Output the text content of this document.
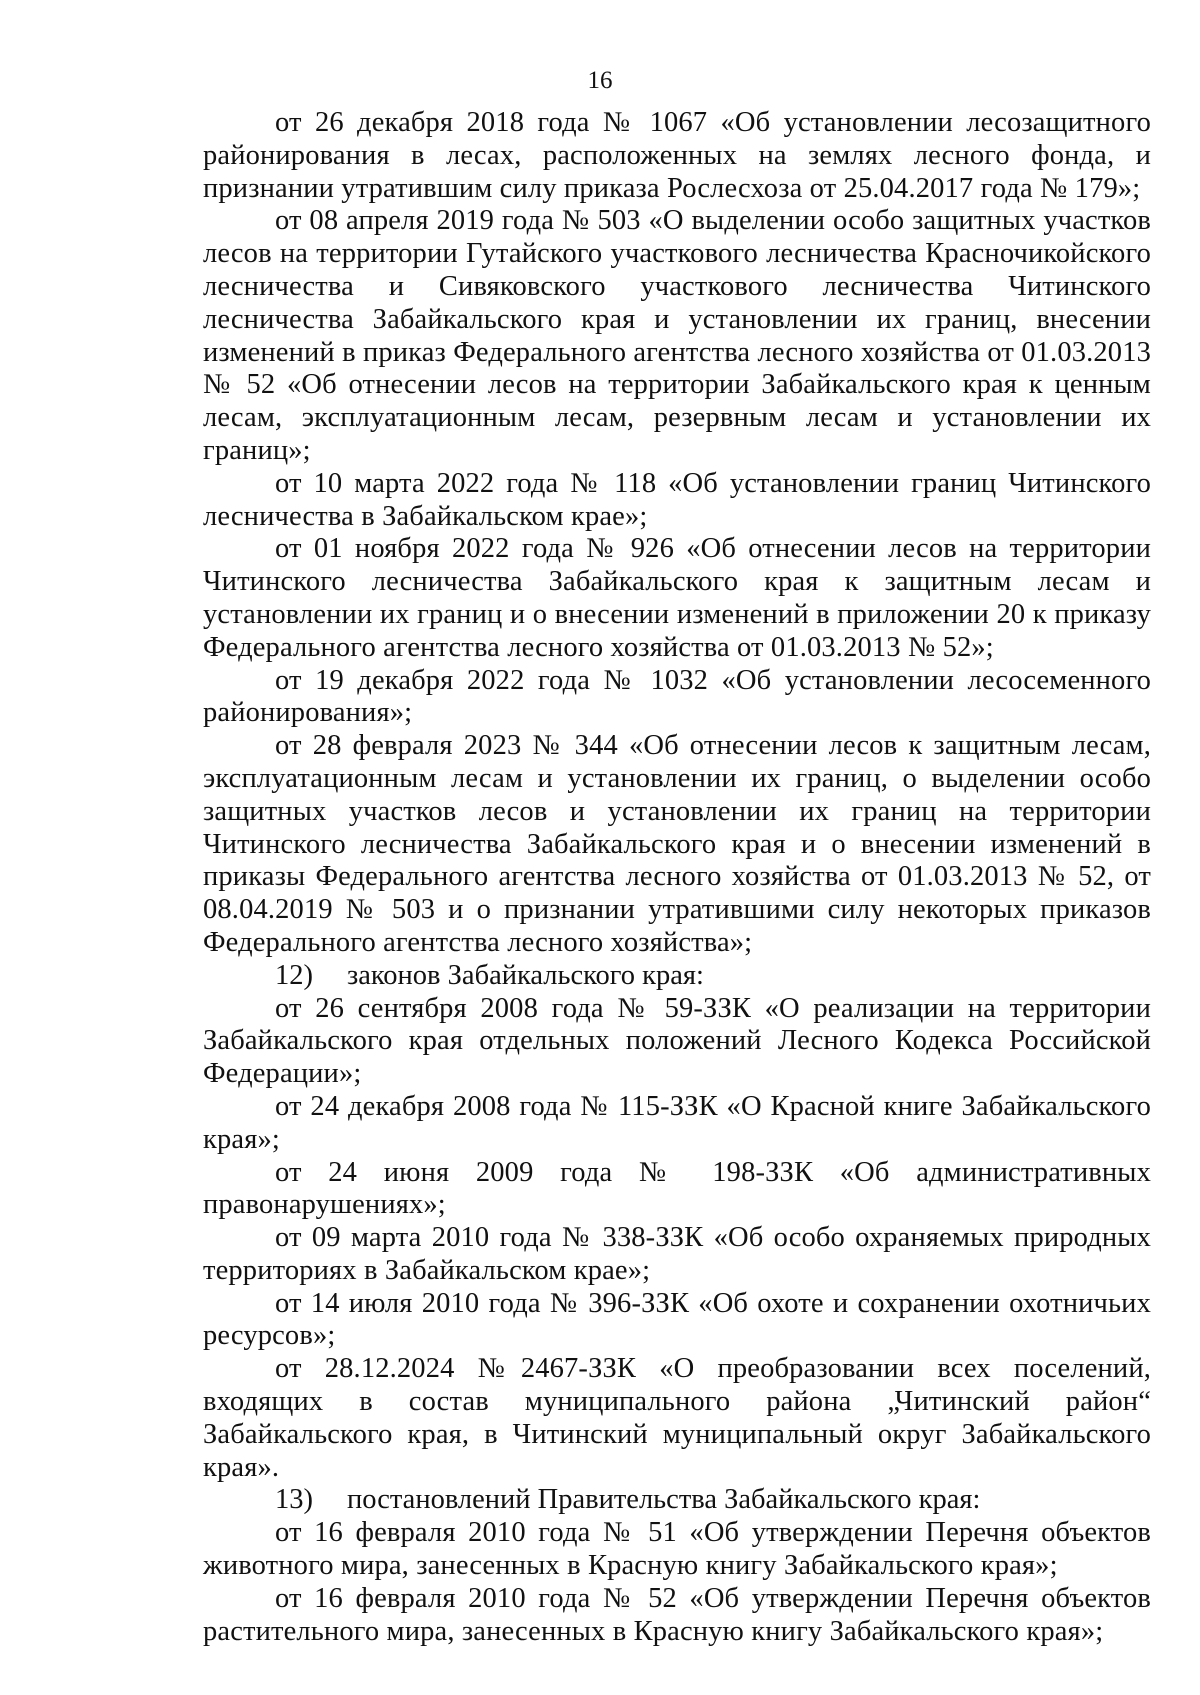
16

от 26 декабря 2018 года № 1067 «Об установлении лесозащитного районирования в лесах, расположенных на землях лесного фонда, и признании утратившим силу приказа Рослесхоза от 25.04.2017 года № 179»;

от 08 апреля 2019 года № 503 «О выделении особо защитных участков лесов на территории Гутайского участкового лесничества Красночикойского лесничества и Сивяковского участкового лесничества Читинского лесничества Забайкальского края и установлении их границ, внесении изменений в приказ Федерального агентства лесного хозяйства от 01.03.2013 № 52 «Об отнесении лесов на территории Забайкальского края к ценным лесам, эксплуатационным лесам, резервным лесам и установлении их границ»;

от 10 марта 2022 года № 118 «Об установлении границ Читинского лесничества в Забайкальском крае»;

от 01 ноября 2022 года № 926 «Об отнесении лесов на территории Читинского лесничества Забайкальского края к защитным лесам и установлении их границ и о внесении изменений в приложении 20 к приказу Федерального агентства лесного хозяйства от 01.03.2013 № 52»;

от 19 декабря 2022 года № 1032 «Об установлении лесосеменного районирования»;

от 28 февраля 2023 № 344 «Об отнесении лесов к защитным лесам, эксплуатационным лесам и установлении их границ, о выделении особо защитных участков лесов и установлении их границ на территории Читинского лесничества Забайкальского края и о внесении изменений в приказы Федерального агентства лесного хозяйства от 01.03.2013 № 52, от 08.04.2019 № 503 и о признании утратившими силу некоторых приказов Федерального агентства лесного хозяйства»;

12) законов Забайкальского края:

от 26 сентября 2008 года № 59-ЗЗК «О реализации на территории Забайкальского края отдельных положений Лесного Кодекса Российской Федерации»;

от 24 декабря 2008 года № 115-ЗЗК «О Красной книге Забайкальского края»;

от 24 июня 2009 года № 198-ЗЗК «Об административных правонарушениях»;

от 09 марта 2010 года № 338-ЗЗК «Об особо охраняемых природных территориях в Забайкальском крае»;

от 14 июля 2010 года № 396-ЗЗК «Об охоте и сохранении охотничьих ресурсов»;

от 28.12.2024 №2467-ЗЗК «О преобразовании всех поселений, входящих в состав муниципального района „Читинский район“ Забайкальского края, в Читинский муниципальный округ Забайкальского края».

13) постановлений Правительства Забайкальского края:

от 16 февраля 2010 года № 51 «Об утверждении Перечня объектов животного мира, занесенных в Красную книгу Забайкальского края»;

от 16 февраля 2010 года № 52 «Об утверждении Перечня объектов растительного мира, занесенных в Красную книгу Забайкальского края»;
